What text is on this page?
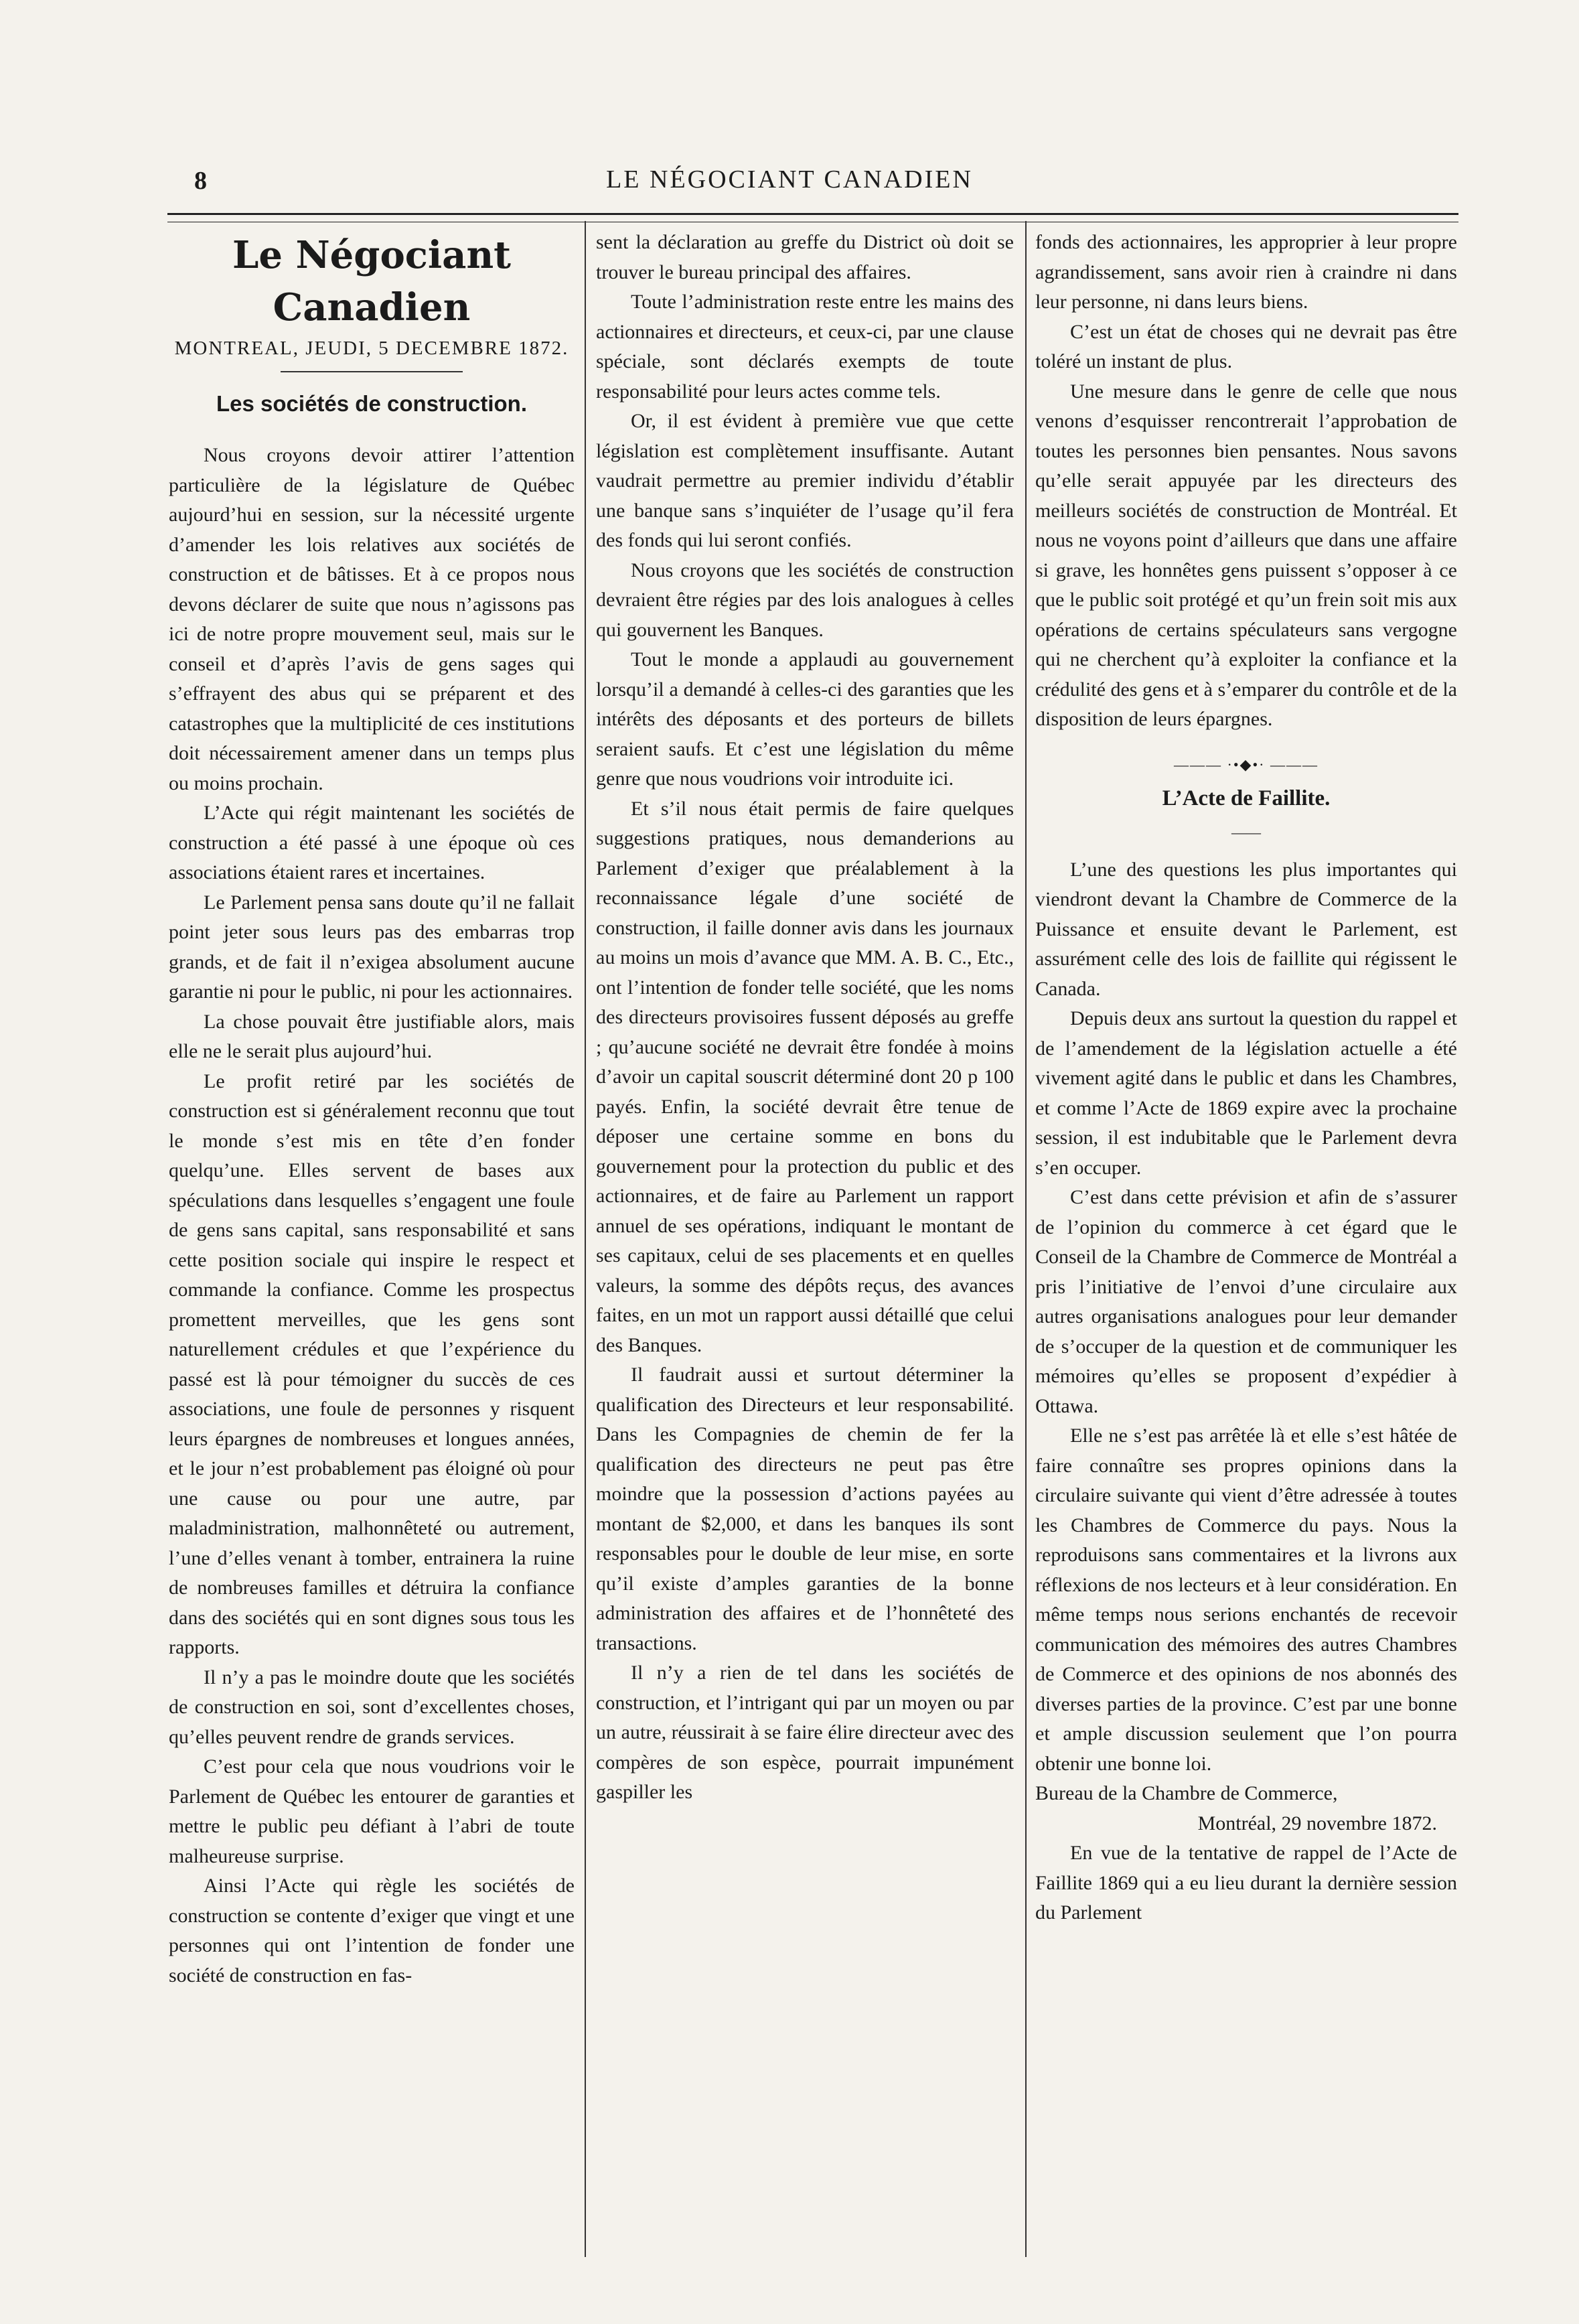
8	LE NÉGOCIANT CANADIEN
Le Négociant Canadien
MONTREAL, JEUDI, 5 DECEMBRE 1872.
Les sociétés de construction.

Nous croyons devoir attirer l’attention particulière de la législature de Québec aujourd’hui en session, sur la nécessité urgente d’amender les lois relatives aux sociétés de construction et de bâtisses. Et à ce propos nous devons déclarer de suite que nous n’agissons pas ici de notre propre mouvement seul, mais sur le conseil et d’après l’avis de gens sages qui s’effrayent des abus qui se préparent et des catastrophes que la multiplicité de ces institutions doit nécessairement amener dans un temps plus ou moins prochain.

L’Acte qui régit maintenant les sociétés de construction a été passé à une époque où ces associations étaient rares et incertaines.

Le Parlement pensa sans doute qu’il ne fallait point jeter sous leurs pas des embarras trop grands, et de fait il n’exigea absolument aucune garantie ni pour le public, ni pour les actionnaires.

La chose pouvait être justifiable alors, mais elle ne le serait plus aujourd’hui.

Le profit retiré par les sociétés de construction est si généralement reconnu que tout le monde s’est mis en tête d’en fonder quelqu’une. Elles servent de bases aux spéculations dans lesquelles s’engagent une foule de gens sans capital, sans responsabilité et sans cette position sociale qui inspire le respect et commande la confiance. Comme les prospectus promettent merveilles, que les gens sont naturellement crédules et que l’expérience du passé est là pour témoigner du succès de ces associations, une foule de personnes y risquent leurs épargnes de nombreuses et longues années, et le jour n’est probablement pas éloigné où pour une cause ou pour une autre, par maladministration, malhonnêteté ou autrement, l’une d’elles venant à tomber, entrainera la ruine de nombreuses familles et détruira la confiance dans des sociétés qui en sont dignes sous tous les rapports.

Il n’y a pas le moindre doute que les sociétés de construction en soi, sont d’excellentes choses, qu’elles peuvent rendre de grands services.

C’est pour cela que nous voudrions voir le Parlement de Québec les entourer de garanties et mettre le public peu défiant à l’abri de toute malheureuse surprise.

Ainsi l’Acte qui règle les sociétés de construction se contente d’exiger que vingt et une personnes qui ont l’intention de fonder une société de construction en fas-

sent la déclaration au greffe du District où doit se trouver le bureau principal des affaires.

Toute l’administration reste entre les mains des actionnaires et directeurs, et ceux-ci, par une clause spéciale, sont déclarés exempts de toute responsabilité pour leurs actes comme tels.

Or, il est évident à première vue que cette législation est complètement insuffisante. Autant vaudrait permettre au premier individu d’établir une banque sans s’inquiéter de l’usage qu’il fera des fonds qui lui seront confiés.

Nous croyons que les sociétés de construction devraient être régies par des lois analogues à celles qui gouvernent les Banques.

Tout le monde a applaudi au gouvernement lorsqu’il a demandé à celles-ci des garanties que les intérêts des déposants et des porteurs de billets seraient saufs. Et c’est une législation du même genre que nous voudrions voir introduite ici.

Et s’il nous était permis de faire quelques suggestions pratiques, nous demanderions au Parlement d’exiger que préalablement à la reconnaissance légale d’une société de construction, il faille donner avis dans les journaux au moins un mois d’avance que MM. A. B. C., Etc., ont l’intention de fonder telle société, que les noms des directeurs provisoires fussent déposés au greffe ; qu’aucune société ne devrait être fondée à moins d’avoir un capital souscrit déterminé dont 20 p 100 payés. Enfin, la société devrait être tenue de déposer une certaine somme en bons du gouvernement pour la protection du public et des actionnaires, et de faire au Parlement un rapport annuel de ses opérations, indiquant le montant de ses capitaux, celui de ses placements et en quelles valeurs, la somme des dépôts reçus, des avances faites, en un mot un rapport aussi détaillé que celui des Banques.

Il faudrait aussi et surtout déterminer la qualification des Directeurs et leur responsabilité. Dans les Compagnies de chemin de fer la qualification des directeurs ne peut pas être moindre que la possession d’actions payées au montant de $2,000, et dans les banques ils sont responsables pour le double de leur mise, en sorte qu’il existe d’amples garanties de la bonne administration des affaires et de l’honnêteté des transactions.

Il n’y a rien de tel dans les sociétés de construction, et l’intrigant qui par un moyen ou par un autre, réussirait à se faire élire directeur avec des compères de son espèce, pourrait impunément gaspiller les

fonds des actionnaires, les approprier à leur propre agrandissement, sans avoir rien à craindre ni dans leur personne, ni dans leurs biens.

C’est un état de choses qui ne devrait pas être toléré un instant de plus.

Une mesure dans le genre de celle que nous venons d’esquisser rencontrerait l’approbation de toutes les personnes bien pensantes. Nous savons qu’elle serait appuyée par les directeurs des meilleurs sociétés de construction de Montréal. Et nous ne voyons point d’ailleurs que dans une affaire si grave, les honnêtes gens puissent s’opposer à ce que le public soit protégé et qu’un frein soit mis aux opérations de certains spéculateurs sans vergogne qui ne cherchent qu’à exploiter la confiance et la crédulité des gens et à s’emparer du contrôle et de la disposition de leurs épargnes.

——— ·•◆•· ———
L’Acte de Faillite.
——

L’une des questions les plus importantes qui viendront devant la Chambre de Commerce de la Puissance et ensuite devant le Parlement, est assurément celle des lois de faillite qui régissent le Canada.

Depuis deux ans surtout la question du rappel et de l’amendement de la législation actuelle a été vivement agité dans le public et dans les Chambres, et comme l’Acte de 1869 expire avec la prochaine session, il est indubitable que le Parlement devra s’en occuper.

C’est dans cette prévision et afin de s’assurer de l’opinion du commerce à cet égard que le Conseil de la Chambre de Commerce de Montréal a pris l’initiative de l’envoi d’une circulaire aux autres organisations analogues pour leur demander de s’occuper de la question et de communiquer les mémoires qu’elles se proposent d’expédier à Ottawa.

Elle ne s’est pas arrêtée là et elle s’est hâtée de faire connaître ses propres opinions dans la circulaire suivante qui vient d’être adressée à toutes les Chambres de Commerce du pays. Nous la reproduisons sans commentaires et la livrons aux réflexions de nos lecteurs et à leur considération. En même temps nous serions enchantés de recevoir communication des mémoires des autres Chambres de Commerce et des opinions de nos abonnés des diverses parties de la province. C’est par une bonne et ample discussion seulement que l’on pourra obtenir une bonne loi.

Bureau de la Chambre de Commerce,

Montréal, 29 novembre 1872.

En vue de la tentative de rappel de l’Acte de Faillite 1869 qui a eu lieu durant la dernière session du Parlement
